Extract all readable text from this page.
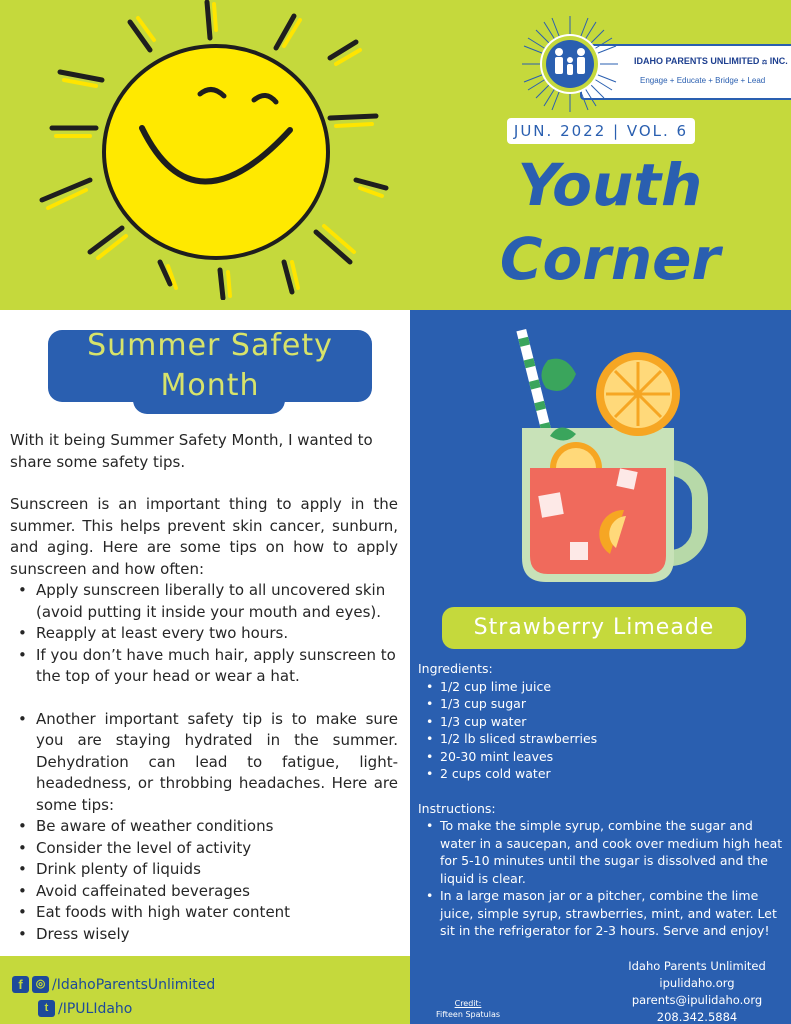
IDAHO PARENTS UNLIMITED ⚖ INC.
Engage + Educate + Bridge + Lead
JUN. 2022 | VOL. 6
Youth
Corner
Summer Safety
Month

With it being Summer Safety Month, I wanted to share some safety tips.

Sunscreen is an important thing to apply in the summer. This helps prevent skin cancer, sunburn, and aging. Here are some tips on how to apply sunscreen and how often:

• Apply sunscreen liberally to all uncovered skin (avoid putting it inside your mouth and eyes).
• Reapply at least every two hours.
• If you don’t have much hair, apply sunscreen to the top of your head or wear a hat.
• Another important safety tip is to make sure you are staying hydrated in the summer. Dehydration can lead to fatigue, light-headedness, or throbbing headaches. Here are some tips:
• Be aware of weather conditions
• Consider the level of activity
• Drink plenty of liquids
• Avoid caffeinated beverages
• Eat foods with high water content
• Dress wisely
Strawberry Limeade
Ingredients:
• 1/2 cup lime juice
• 1/3 cup sugar
• 1/3 cup water
• 1/2 lb sliced strawberries
• 20-30 mint leaves
• 2 cups cold water
Instructions:
• To make the simple syrup, combine the sugar and water in a saucepan, and cook over medium high heat for 5-10 minutes until the sugar is dissolved and the liquid is clear.
• In a large mason jar or a pitcher, combine the lime juice, simple syrup, strawberries, mint, and water. Let sit in the refrigerator for 2-3 hours. Serve and enjoy!
f	◎ /IdahoParentsUnlimited
t /IPULIdaho	Credit:
Fifteen Spatulas
Idaho Parents Unlimited
ipulidaho.org
parents@ipulidaho.org
208.342.5884
